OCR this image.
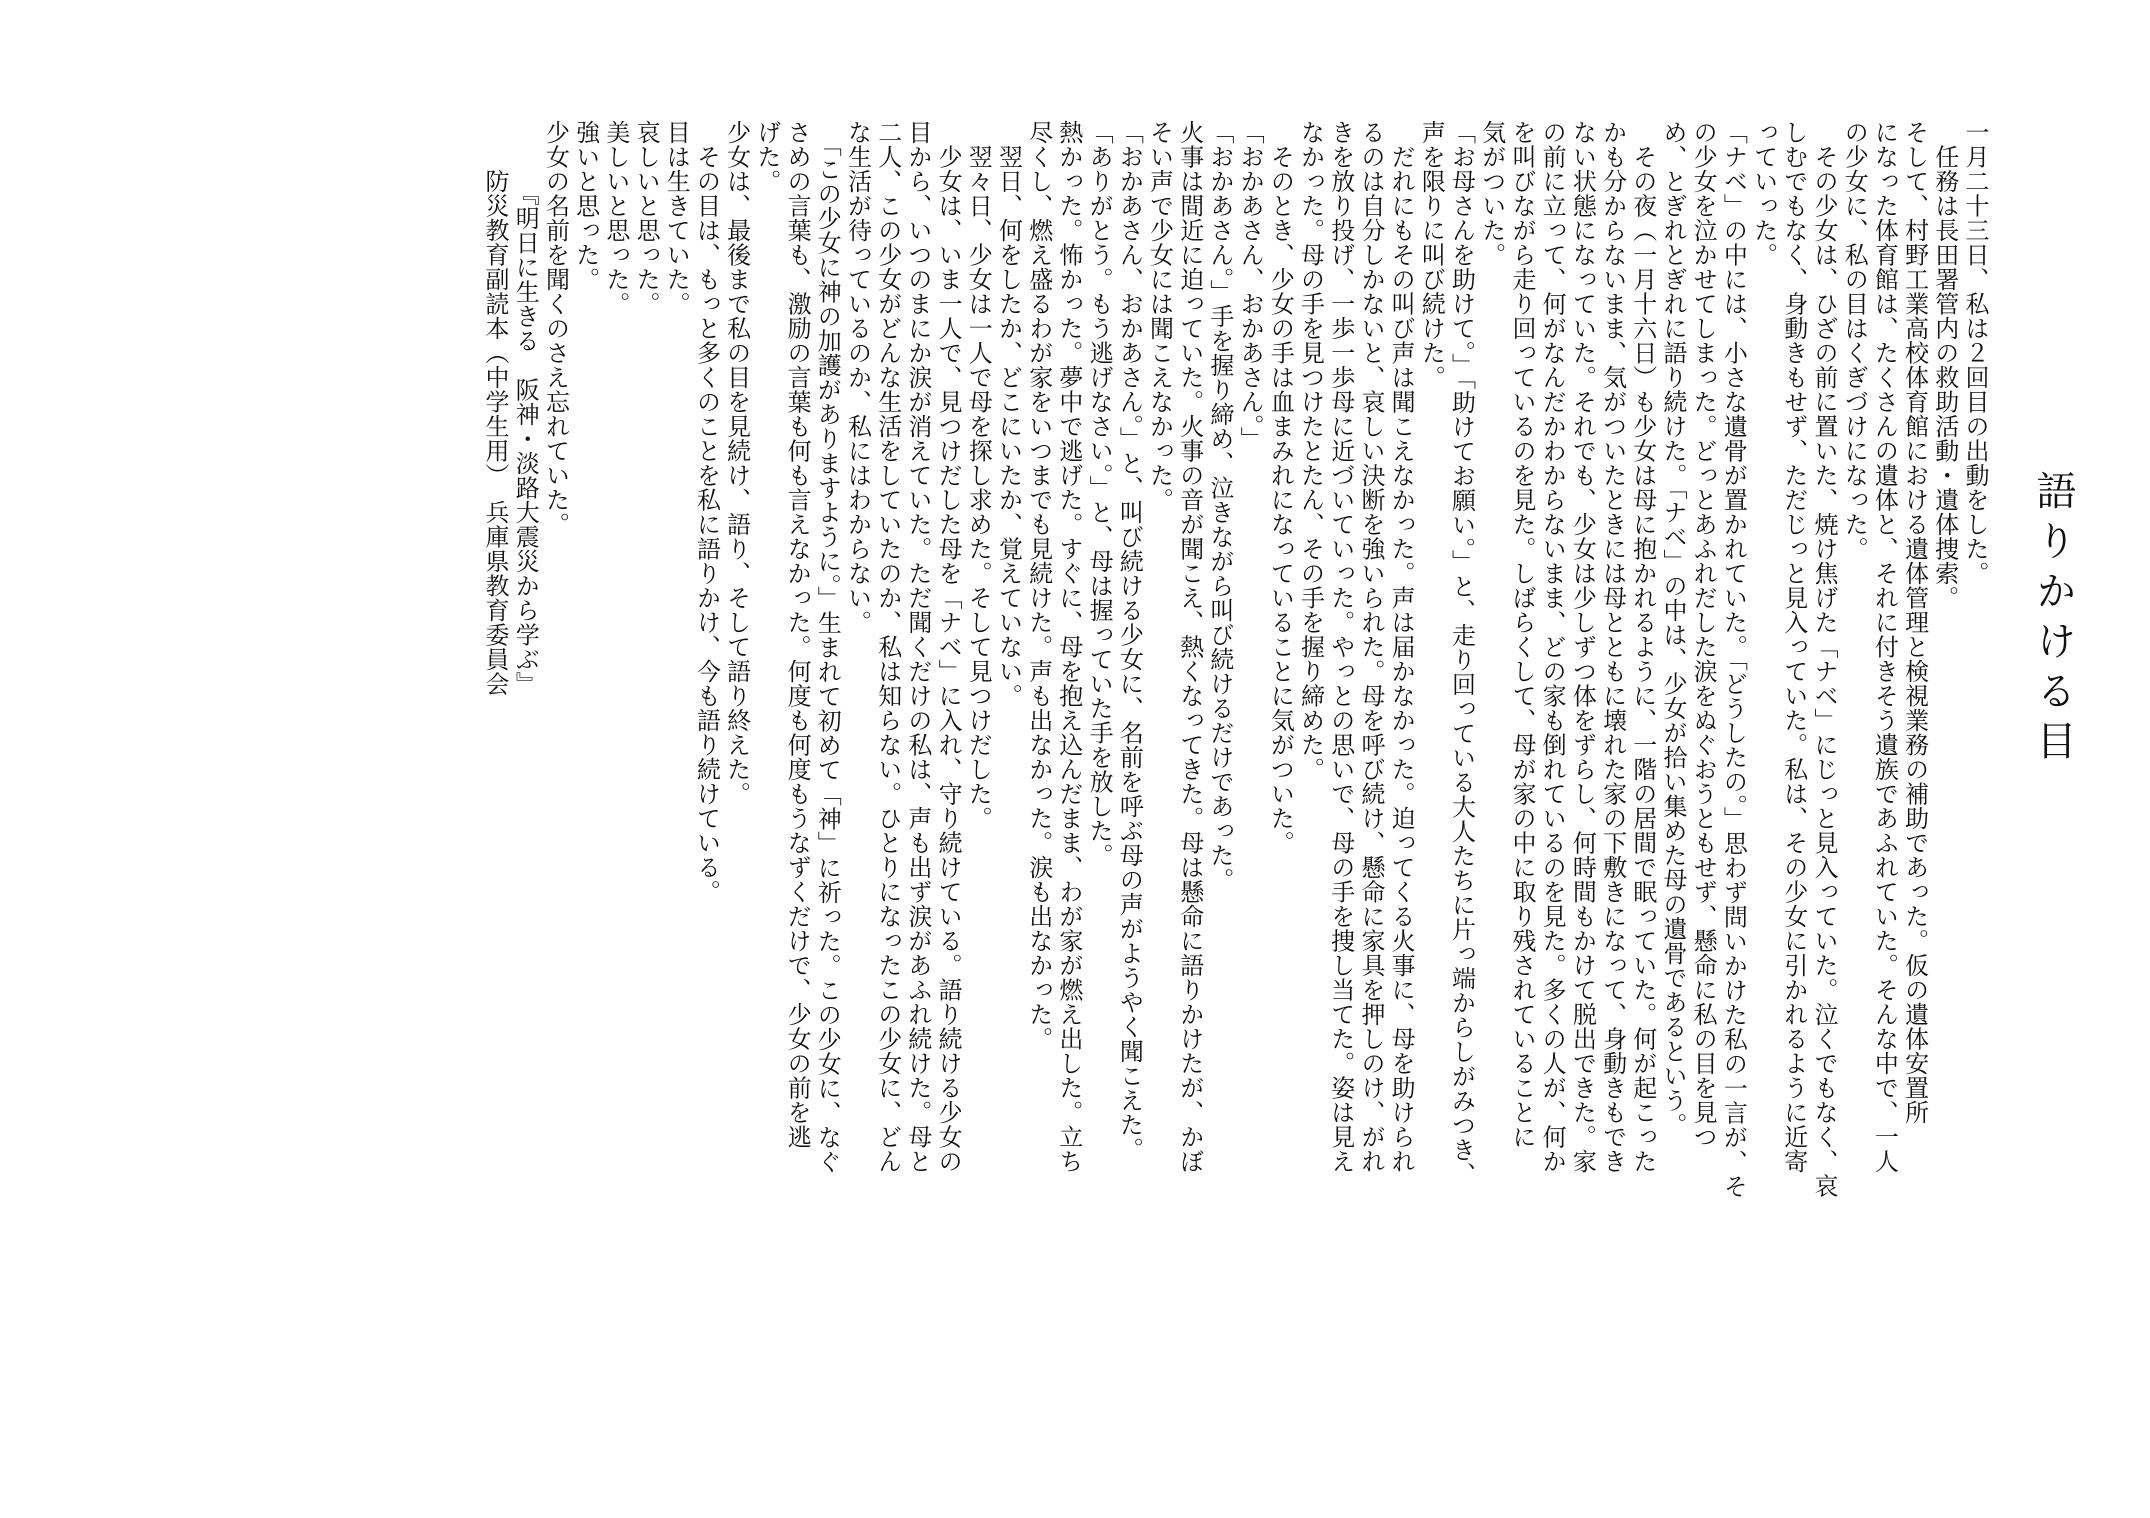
語りかける目
一月二十三日、私は２回目の出動をした。
　任務は長田署管内の救助活動・遺体捜索。
そして、村野工業高校体育館における遺体管理と検視業務の補助であった。仮の遺体安置所
になった体育館は、たくさんの遺体と、それに付きそう遺族であふれていた。そんな中で、一人
の少女に、私の目はくぎづけになった。
　その少女は、ひざの前に置いた、焼け焦げた「ナベ」にじっと見入っていた。泣くでもなく、哀
しむでもなく、身動きもせず、ただじっと見入っていた。私は、その少女に引かれるように近寄
っていった。
「ナベ」の中には、小さな遺骨が置かれていた。「どうしたの。」思わず問いかけた私の一言が、そ
の少女を泣かせてしまった。どっとあふれだした涙をぬぐおうともせず、懸命に私の目を見つ
め、とぎれとぎれに語り続けた。「ナベ」の中は、少女が拾い集めた母の遺骨であるという。
　その夜（一月十六日）も少女は母に抱かれるように、一階の居間で眠っていた。何が起こった
かも分からないまま、気がついたときには母とともに壊れた家の下敷きになって、身動きもでき
ない状態になっていた。それでも、少女は少しずつ体をずらし、何時間もかけて脱出できた。家
の前に立って、何がなんだかわからないまま、どの家も倒れているのを見た。多くの人が、何か
を叫びながら走り回っているのを見た。しばらくして、母が家の中に取り残されていることに
気がついた。
「お母さんを助けて。」「助けてお願い。」と、走り回っている大人たちに片っ端からしがみつき、
声を限りに叫び続けた。
　だれにもその叫び声は聞こえなかった。声は届かなかった。迫ってくる火事に、母を助けられ
るのは自分しかないと、哀しい決断を強いられた。母を呼び続け、懸命に家具を押しのけ、がれ
きを放り投げ、一歩一歩母に近づいていった。やっとの思いで、母の手を捜し当てた。姿は見え
なかった。母の手を見つけたとたん、その手を握り締めた。
　そのとき、少女の手は血まみれになっていることに気がついた。
「おかあさん、おかあさん。」
「おかあさん。」手を握り締め、泣きながら叫び続けるだけであった。
火事は間近に迫っていた。火事の音が聞こえ、熱くなってきた。母は懸命に語りかけたが、かぼ
そい声で少女には聞こえなかった。
「おかあさん、おかあさん。」と、叫び続ける少女に、名前を呼ぶ母の声がようやく聞こえた。
「ありがとう。もう逃げなさい。」と、母は握っていた手を放した。
熱かった。怖かった。夢中で逃げた。すぐに、母を抱え込んだまま、わが家が燃え出した。立ち
尽くし、燃え盛るわが家をいつまでも見続けた。声も出なかった。涙も出なかった。
　翌日、何をしたか、どこにいたか、覚えていない。
　翌々日、少女は一人で母を探し求めた。そして見つけだした。
　少女は、いま一人で、見つけだした母を「ナベ」に入れ、守り続けている。語り続ける少女の
目から、いつのまにか涙が消えていた。ただ聞くだけの私は、声も出ず涙があふれ続けた。母と
二人、この少女がどんな生活をしていたのか、私は知らない。ひとりになったこの少女に、どん
な生活が待っているのか、私にはわからない。
　「この少女に神の加護がありますように。」生まれて初めて「神」に祈った。この少女に、なぐ
さめの言葉も、激励の言葉も何も言えなかった。何度も何度もうなずくだけで、少女の前を逃
げた。
少女は、最後まで私の目を見続け、語り、そして語り終えた。
　その目は、もっと多くのことを私に語りかけ、今も語り続けている。
目は生きていた。
哀しいと思った。
美しいと思った。
強いと思った。
少女の名前を聞くのさえ忘れていた。
　　　『明日に生きる　阪神・淡路大震災から学ぶ』
　　防災教育副読本（中学生用）　兵庫県教育委員会
